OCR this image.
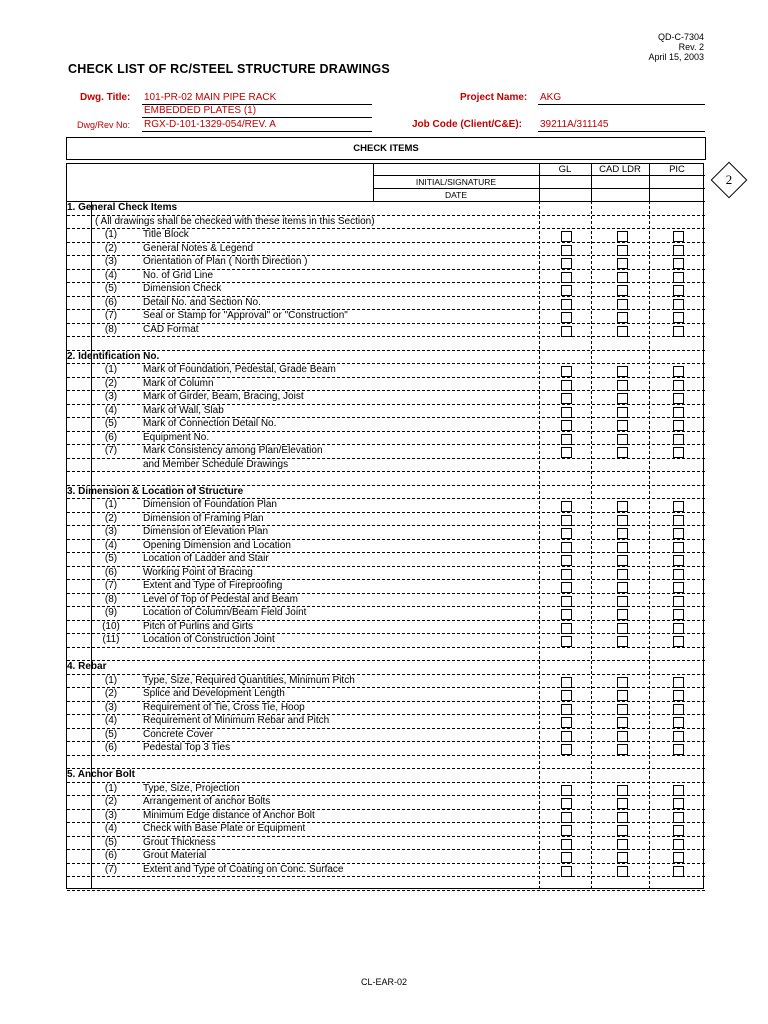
QD-C-7304
Rev. 2
April 15, 2003
CHECK LIST OF RC/STEEL STRUCTURE DRAWINGS
Dwg. Title: 101-PR-02 MAIN PIPE RACK
EMBEDDED PLATES (1)
Dwg/Rev No: RGX-D-101-1329-054/REV. A
Project Name: AKG
Job Code (Client/C&E): 39211A/311145
CHECK ITEMS
2
GL	CAD LDR	PIC
INITIAL/SIGNATURE
DATE
1. General Check Items
( All drawings shall be checked with these items in this Section)
(1)	Title Block
(2)	General Notes & Legend
(3)	Orientation of Plan ( North Direction )
(4)	No. of Grid Line
(5)	Dimension Check
(6)	Detail No. and Section No.
(7)	Seal or Stamp for "Approval" or "Construction"
(8)	CAD Format
2. Identification No.
(1)	Mark of Foundation, Pedestal, Grade Beam
(2)	Mark of Column
(3)	Mark of Girder, Beam, Bracing, Joist
(4)	Mark of Wall, Slab
(5)	Mark of Connection Detail No.
(6)	Equipment No.
(7)	Mark Consistency among Plan/Elevation
and Member Schedule Drawings
3. Dimension & Location of Structure
(1)	Dimension of Foundation Plan
(2)	Dimension of Framing Plan
(3)	Dimension of Elevation Plan
(4)	Opening Dimension and Location
(5)	Location of Ladder and Stair
(6)	Working Point of Bracing
(7)	Extent and Type of Fireproofing
(8)	Level of Top of Pedestal and Beam
(9)	Location of Column/Beam Field Joint
(10)	Pitch of Purlins and Girts
(11)	Location of Construction Joint
4. Rebar
(1)	Type, Size, Required Quantities, Minimum Pitch
(2)	Splice and Development Length
(3)	Requirement of Tie, Cross Tie, Hoop
(4)	Requirement of Minimum Rebar and Pitch
(5)	Concrete Cover
(6)	Pedestal Top 3 Ties
5. Anchor Bolt
(1)	Type, Size, Projection
(2)	Arrangement of anchor Bolts
(3)	Minimum Edge distance of Anchor Bolt
(4)	Check with Base Plate or Equipment
(5)	Grout Thickness
(6)	Grout Material
(7)	Extent and Type of Coating on Conc. Surface
CL-EAR-02
